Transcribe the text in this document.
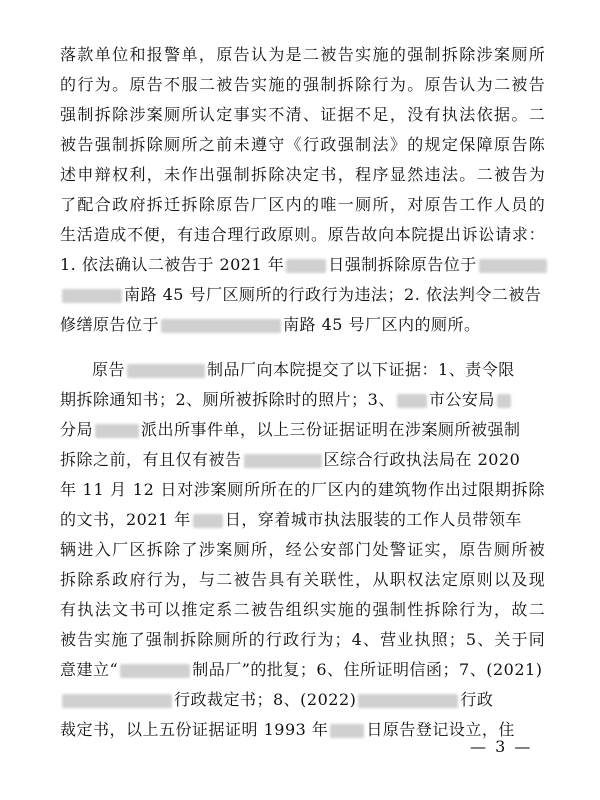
落 款 单 位 和 报 警 单 ， 原 告 认 为 是 二 被 告 实 施 的 强 制 拆 除 涉 案 厕 所
的 行 为 。 原 告 不 服 二 被 告 实 施 的 强 制 拆 除 行 为 。 原 告 认 为 二 被 告
强 制 拆 除 涉 案 厕 所 认 定 事 实 不 清 、 证 据 不 足 ， 没 有 执 法 依 据 。 二
被 告 强 制 拆 除 厕 所 之 前 未 遵 守 《 行 政 强 制 法 》 的 规 定 保 障 原 告 陈
述 申 辩 权 利 ， 未 作 出 强 制 拆 除 决 定 书 ， 程 序 显 然 违 法 。 二 被 告 为
了 配 合 政 府 拆 迁 拆 除 原 告 厂 区 内 的 唯 一 厕 所 ， 对 原 告 工 作 人 员 的
生 活 造 成 不 便 ， 有 违 合 理 行 政 原 则 。 原 告 故 向 本 院 提 出 诉 讼 请 求 ：
1. 依法确认二被告于 2021 年	日强制拆除原告位于
南路 45 号厂区厕所的行政行为违法；2. 依法判令二被告
修缮原告位于	南路 45 号厂区内的厕所。
原告	制品厂向本院提交了以下证据：1、责令限
期拆除通知书；2、厕所被拆除时的照片；3、 市公安局
分局	派出所事件单，以上三份证据证明在涉案厕所被强制
拆除之前，有且仅有被告	区综合行政执法局在 2020
年
1 1
月
1 2
日 对 涉 案 厕 所 所 在 的 厂 区 内 的 建 筑 物 作 出 过 限 期 拆 除
的文书，2021 年 日，穿着城市执法服装的工作人员带领车
辆 进 入 厂 区 拆 除 了 涉 案 厕 所 ， 经 公 安 部 门 处 警 证 实 ， 原 告 厕 所 被
拆 除 系 政 府 行 为 ， 与 二 被 告 具 有 关 联 性 ， 从 职 权 法 定 原 则 以 及 现
有 执 法 文 书 可 以 推 定 系 二 被 告 组 织 实 施 的 强 制 性 拆 除 行 为 ， 故 二
被 告 实 施 了 强 制 拆 除 厕 所 的 行 政 行 为 ； 4 、 营 业 执 照 ； 5 、 关 于 同
意建立“	制品厂”的批复；6、住所证明信函；7、(2021)
行政裁定书；8、(2022)	行政
裁定书，以上五份证据证明 1993 年 日原告登记设立，住
— 3 —
